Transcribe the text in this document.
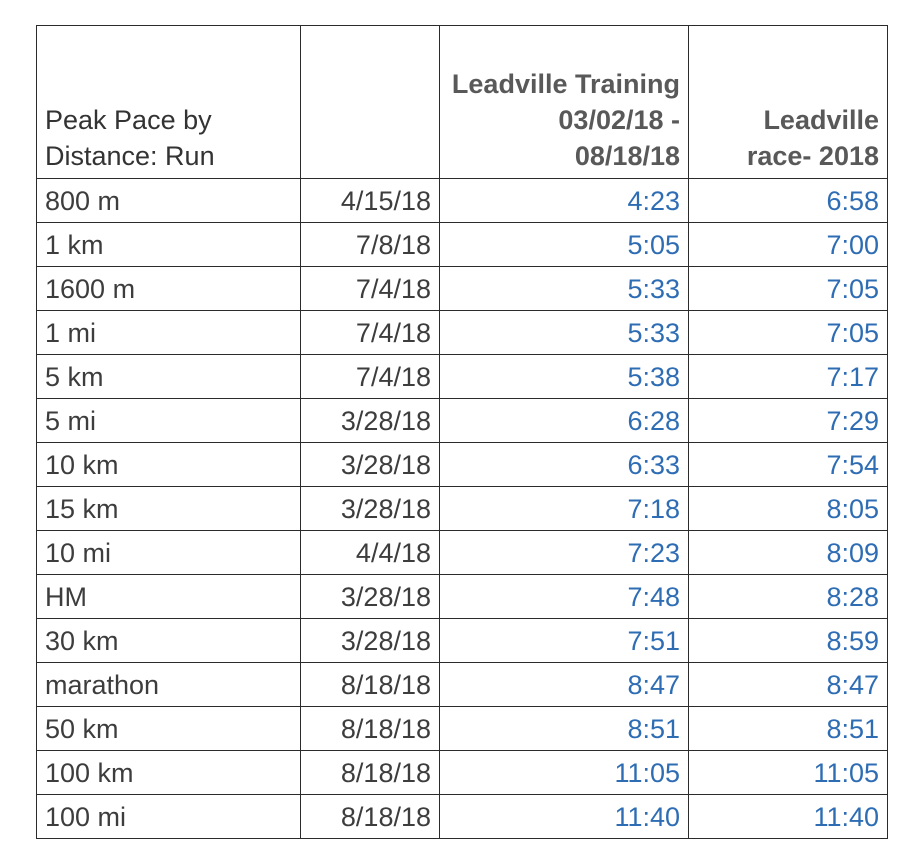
Peak Pace by Distance: Run		Leadville Training 03/02/18 - 08/18/18	Leadville race- 2018
800 m	4/15/18	4:23	6:58
1 km	7/8/18	5:05	7:00
1600 m	7/4/18	5:33	7:05
1 mi	7/4/18	5:33	7:05
5 km	7/4/18	5:38	7:17
5 mi	3/28/18	6:28	7:29
10 km	3/28/18	6:33	7:54
15 km	3/28/18	7:18	8:05
10 mi	4/4/18	7:23	8:09
HM	3/28/18	7:48	8:28
30 km	3/28/18	7:51	8:59
marathon	8/18/18	8:47	8:47
50 km	8/18/18	8:51	8:51
100 km	8/18/18	11:05	11:05
100 mi	8/18/18	11:40	11:40
